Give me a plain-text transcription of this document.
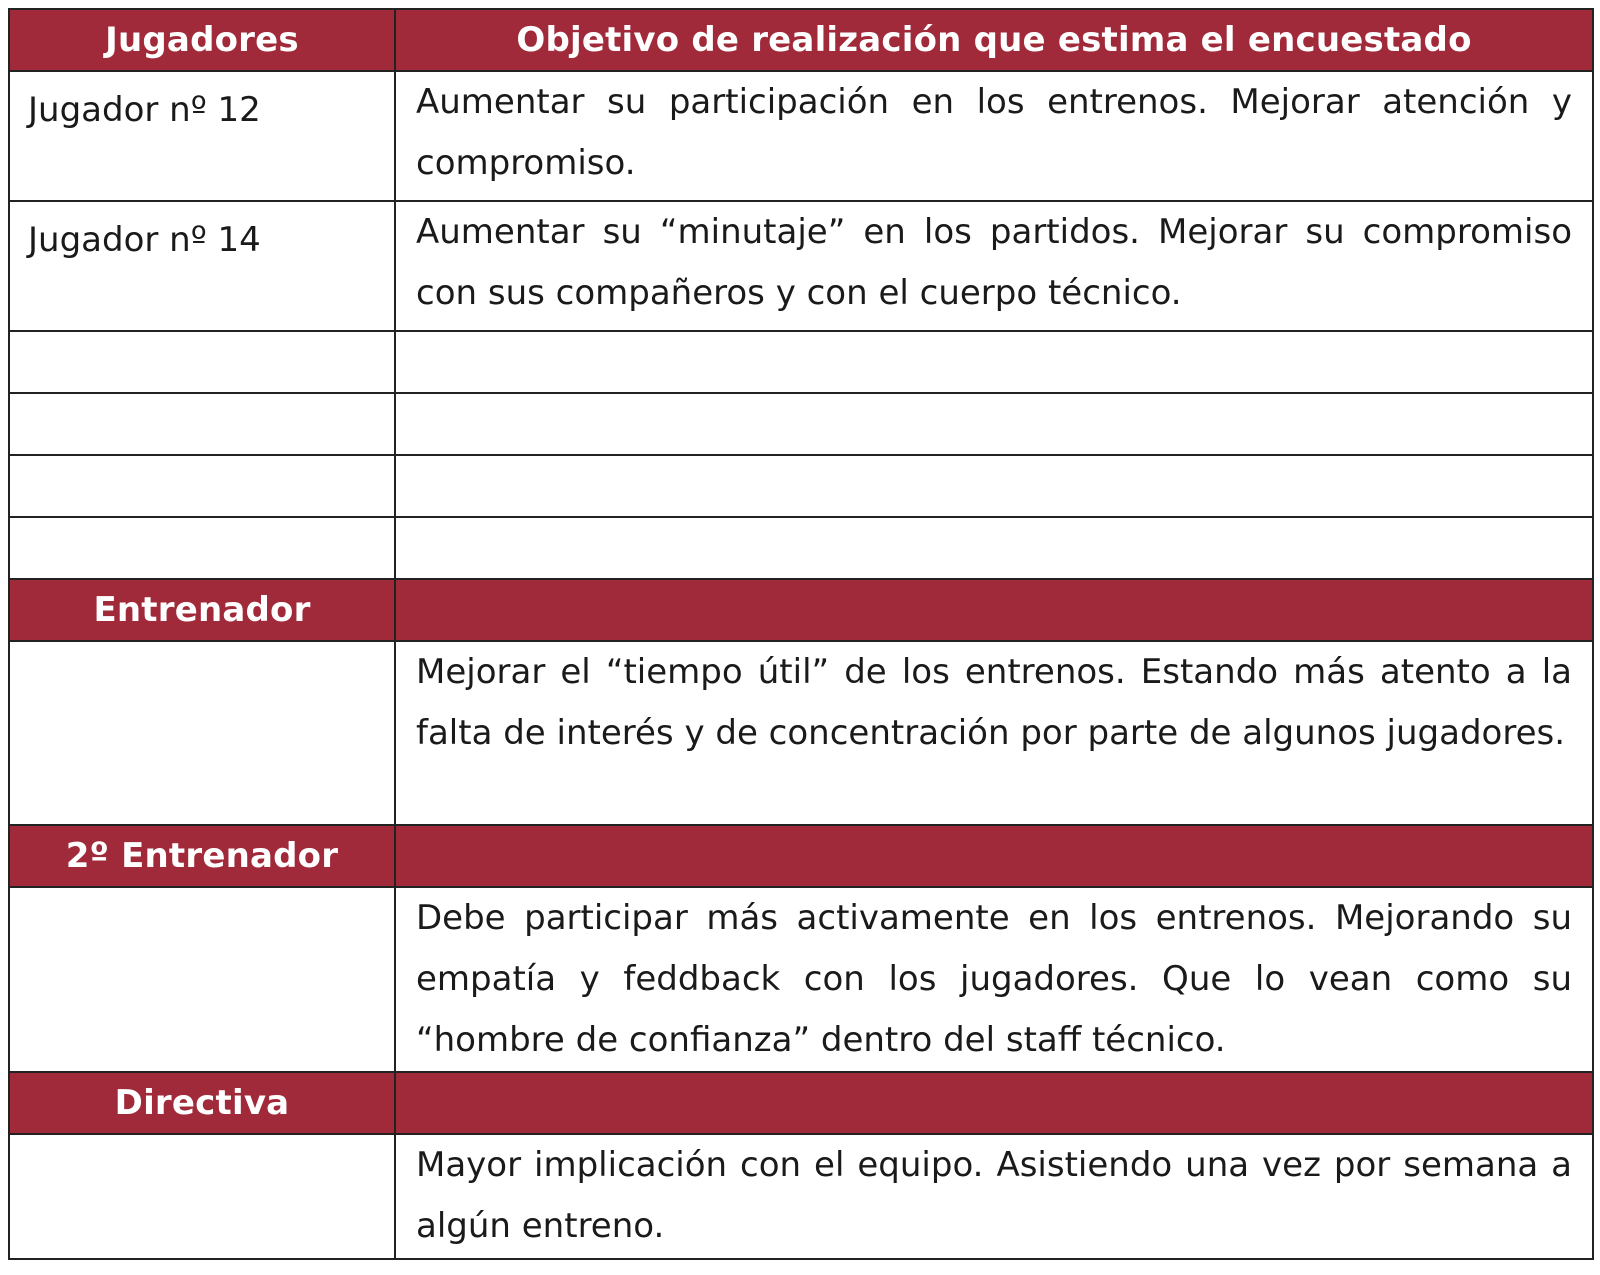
Jugadores	Objetivo de realización que estima el encuestado
Jugador nº 12	Aumentar su participación en los entrenos. Mejorar atención y compromiso.
Jugador nº 14	Aumentar su “minutaje” en los partidos. Mejorar su compromiso con sus compañeros y con el cuerpo técnico.

Entrenador	
	Mejorar el “tiempo útil” de los entrenos. Estando más atento a la falta de interés y de concentración por parte de algunos jugadores.
2º Entrenador	
	Debe participar más activamente en los entrenos. Mejorando su empatía y feddback con los jugadores. Que lo vean como su “hombre de confianza” dentro del staff técnico.
Directiva	
	Mayor implicación con el equipo. Asistiendo una vez por semana a algún entreno.
